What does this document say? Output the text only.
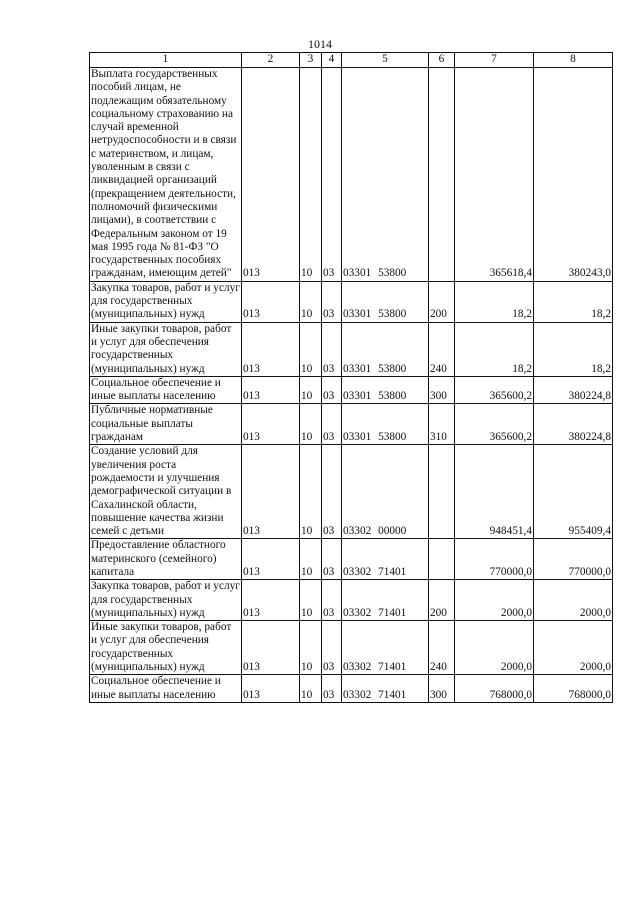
1014
1	2	3	4	5	6	7	8
Выплата государственных пособий лицам, не подлежащим обязательному социальному страхованию на случай временной нетрудоспособности и в связи с материнством, и лицам, уволенным в связи с ликвидацией организаций (прекращением деятельности, полномочий физическими лицами), в соответствии с Федеральным законом от 19 мая 1995 года № 81-ФЗ "О государственных пособиях гражданам, имеющим детей"	013	10	03	03301 53800		365618,4	380243,0
Закупка товаров, работ и услуг для государственных (муниципальных) нужд	013	10	03	03301 53800	200	18,2	18,2
Иные закупки товаров, работ и услуг для обеспечения государственных (муниципальных) нужд	013	10	03	03301 53800	240	18,2	18,2
Социальное обеспечение и иные выплаты населению	013	10	03	03301 53800	300	365600,2	380224,8
Публичные нормативные социальные выплаты гражданам	013	10	03	03301 53800	310	365600,2	380224,8
Создание условий для увеличения роста рождаемости и улучшения демографической ситуации в Сахалинской области, повышение качества жизни семей с детьми	013	10	03	03302 00000		948451,4	955409,4
Предоставление областного материнского (семейного) капитала	013	10	03	03302 71401		770000,0	770000,0
Закупка товаров, работ и услуг для государственных (муниципальных) нужд	013	10	03	03302 71401	200	2000,0	2000,0
Иные закупки товаров, работ и услуг для обеспечения государственных (муниципальных) нужд	013	10	03	03302 71401	240	2000,0	2000,0
Социальное обеспечение и иные выплаты населению	013	10	03	03302 71401	300	768000,0	768000,0
